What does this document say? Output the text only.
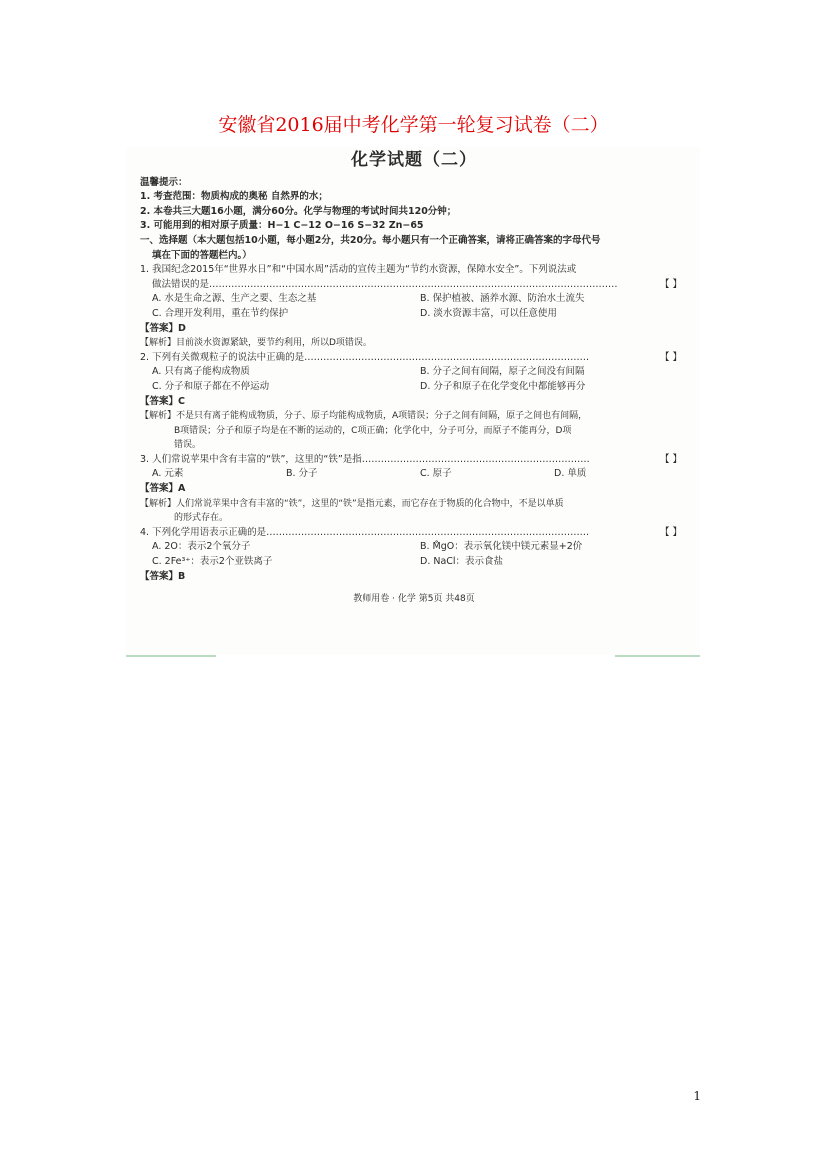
安徽省2016届中考化学第一轮复习试卷（二）
化学试题（二）
温馨提示：
1. 考查范围：物质构成的奥秘 自然界的水；
2. 本卷共三大题16小题，满分60分。化学与物理的考试时间共120分钟；
3. 可能用到的相对原子质量：H−1 C−12 O−16 S−32 Zn−65
一、选择题（本大题包括10小题，每小题2分，共20分。每小题只有一个正确答案，请将正确答案的字母代号
填在下面的答题栏内。）
1. 我国纪念2015年“世界水日”和“中国水周”活动的宣传主题为“节约水资源，保障水安全”。下列说法或
做法错误的是…………………………………………………………………………………………………………………	【 】
A. 水是生命之源、生产之要、生态之基	B. 保护植被、涵养水源、防治水土流失
C. 合理开发利用，重在节约保护	D. 淡水资源丰富，可以任意使用
【答案】D
【解析】目前淡水资源紧缺，要节约利用，所以D项错误。
2. 下列有关微观粒子的说法中正确的是………………………………………………………………………………	【 】
A. 只有离子能构成物质	B. 分子之间有间隔，原子之间没有间隔
C. 分子和原子都在不停运动	D. 分子和原子在化学变化中都能够再分
【答案】C
【解析】不是只有离子能构成物质，分子、原子均能构成物质，A项错误；分子之间有间隔，原子之间也有间隔，
B项错误；分子和原子均是在不断的运动的，C项正确；化学化中，分子可分，而原子不能再分，D项
错误。
3. 人们常说苹果中含有丰富的“铁”，这里的“铁”是指………………………………………………………………	【 】
A. 元素	B. 分子	C. 原子	D. 单质
【答案】A
【解析】人们常说苹果中含有丰富的“铁”，这里的“铁”是指元素，而它存在于物质的化合物中，不是以单质
的形式存在。
4. 下列化学用语表示正确的是…………………………………………………………………………………………	【 】
A. 2O：表示2个氧分子	B. M̊gO：表示氧化镁中镁元素显+2价
C. 2Fe³⁺：表示2个亚铁离子	D. NaCl：表示食盐
【答案】B
教师用卷 · 化学 第5页 共48页
1
